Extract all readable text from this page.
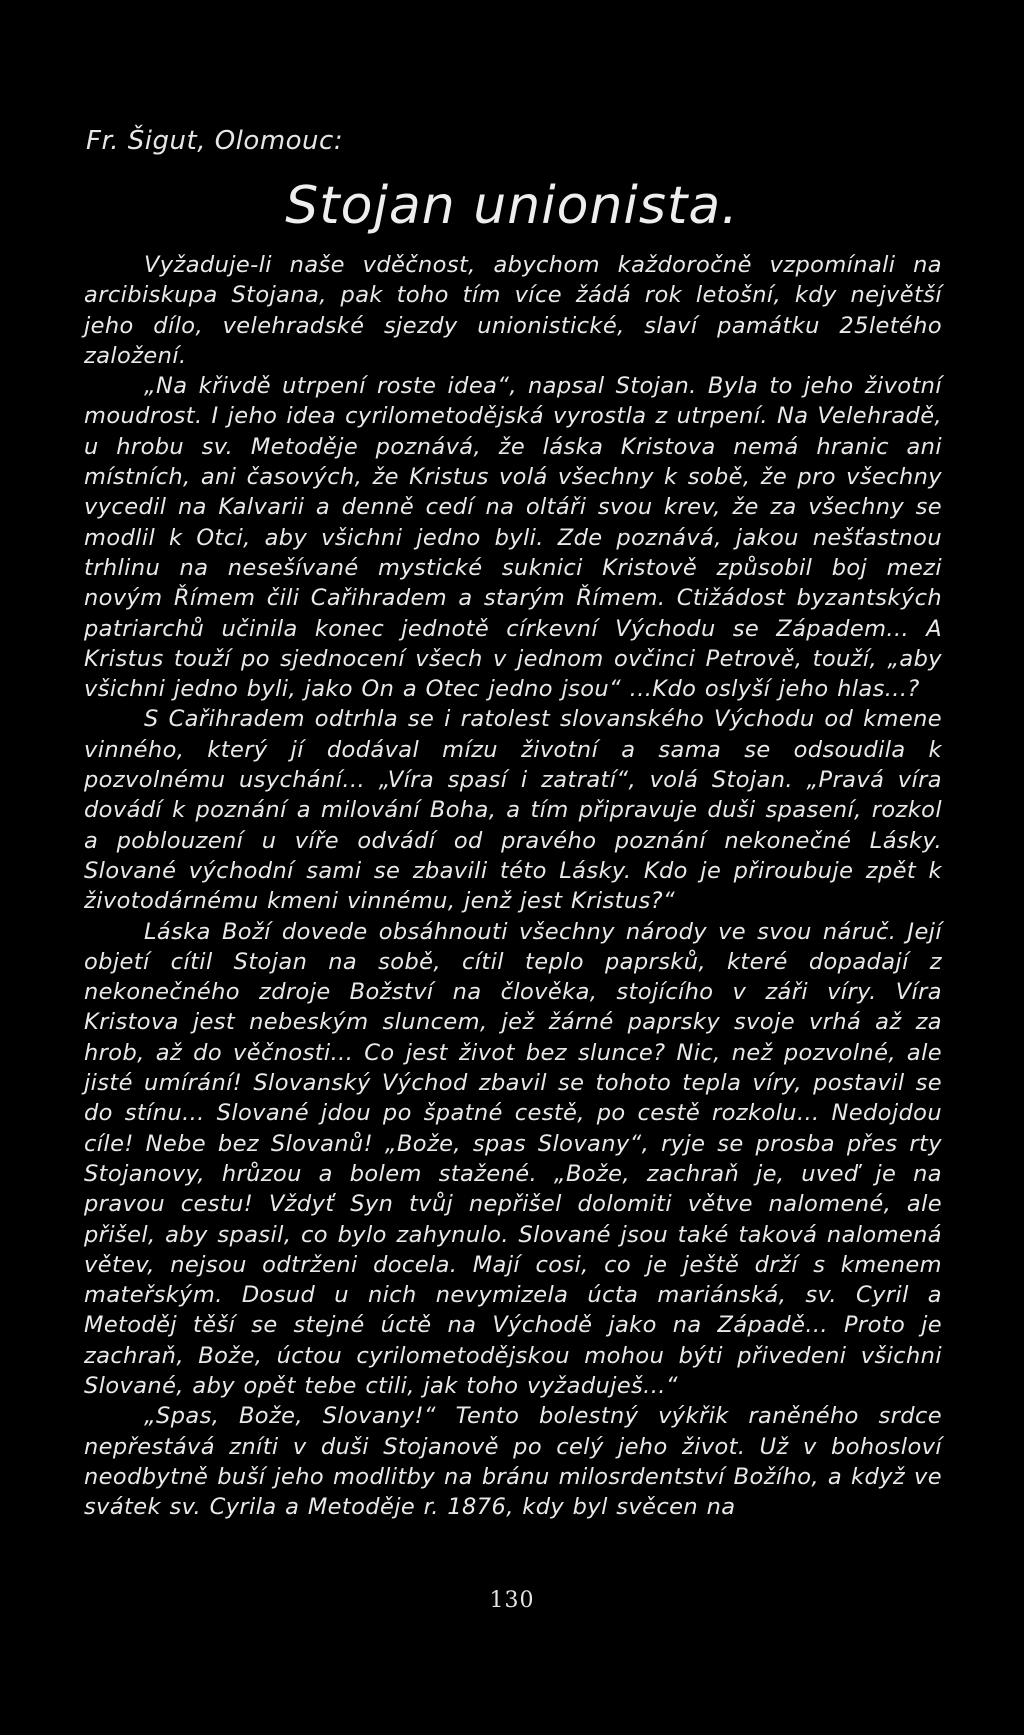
Fr. Šigut, Olomouc:
Stojan unionista.

Vyžaduje-li naše vděčnost, abychom každoročně vzpomínali na arcibiskupa Stojana, pak toho tím více žádá rok letošní, kdy největší jeho dílo, velehradské sjezdy unionistické, slaví památku 25letého založení.

„Na křivdě utrpení roste idea“, napsal Stojan. Byla to jeho životní moudrost. I jeho idea cyrilometodějská vyrostla z utrpení. Na Velehradě, u hrobu sv. Metoděje poznává, že láska Kristova nemá hranic ani místních, ani časových, že Kristus volá všechny k sobě, že pro všechny vycedil na Kalvarii a denně cedí na oltáři svou krev, že za všechny se modlil k Otci, aby všichni jedno byli. Zde poznává, jakou nešťastnou trhlinu na nesešívané mystické suknici Kristově způsobil boj mezi novým Římem čili Cařihradem a starým Římem. Ctižádost byzantských patriarchů učinila konec jednotě církevní Východu se Západem... A Kristus touží po sjednocení všech v jednom ovčinci Petrově, touží, „aby všichni jedno byli, jako On a Otec jedno jsou“ ...Kdo oslyší jeho hlas...?

S Cařihradem odtrhla se i ratolest slovanského Východu od kmene vinného, který jí dodával mízu životní a sama se odsoudila k pozvolnému usychání... „Víra spasí i zatratí“, volá Stojan. „Pravá víra dovádí k poznání a milování Boha, a tím připravuje duši spasení, rozkol a poblouzení u víře odvádí od pravého poznání nekonečné Lásky. Slované východní sami se zbavili této Lásky. Kdo je přiroubuje zpět k životodárnému kmeni vinnému, jenž jest Kristus?“

Láska Boží dovede obsáhnouti všechny národy ve svou náruč. Její objetí cítil Stojan na sobě, cítil teplo paprsků, které dopadají z nekonečného zdroje Božství na člověka, stojícího v záři víry. Víra Kristova jest nebeským sluncem, jež žárné paprsky svoje vrhá až za hrob, až do věčnosti... Co jest život bez slunce? Nic, než pozvolné, ale jisté umírání! Slovanský Východ zbavil se tohoto tepla víry, postavil se do stínu... Slované jdou po špatné cestě, po cestě rozkolu... Nedojdou cíle! Nebe bez Slovanů! „Bože, spas Slovany“, ryje se prosba přes rty Stojanovy, hrůzou a bolem stažené. „Bože, zachraň je, uveď je na pravou cestu! Vždyť Syn tvůj nepřišel dolomiti větve nalomené, ale přišel, aby spasil, co bylo zahynulo. Slované jsou také taková nalomená větev, nejsou odtrženi docela. Mají cosi, co je ještě drží s kmenem mateřským. Dosud u nich nevymizela úcta mariánská, sv. Cyril a Metoděj těší se stejné úctě na Východě jako na Západě... Proto je zachraň, Bože, úctou cyrilometodějskou mohou býti přivedeni všichni Slované, aby opět tebe ctili, jak toho vyžaduješ...“

„Spas, Bože, Slovany!“ Tento bolestný výkřik raněného srdce nepřestává zníti v duši Stojanově po celý jeho život. Už v bohosloví neodbytně buší jeho modlitby na bránu milosrdentství Božího, a když ve svátek sv. Cyrila a Metoděje r. 1876, kdy byl svěcen na

130
